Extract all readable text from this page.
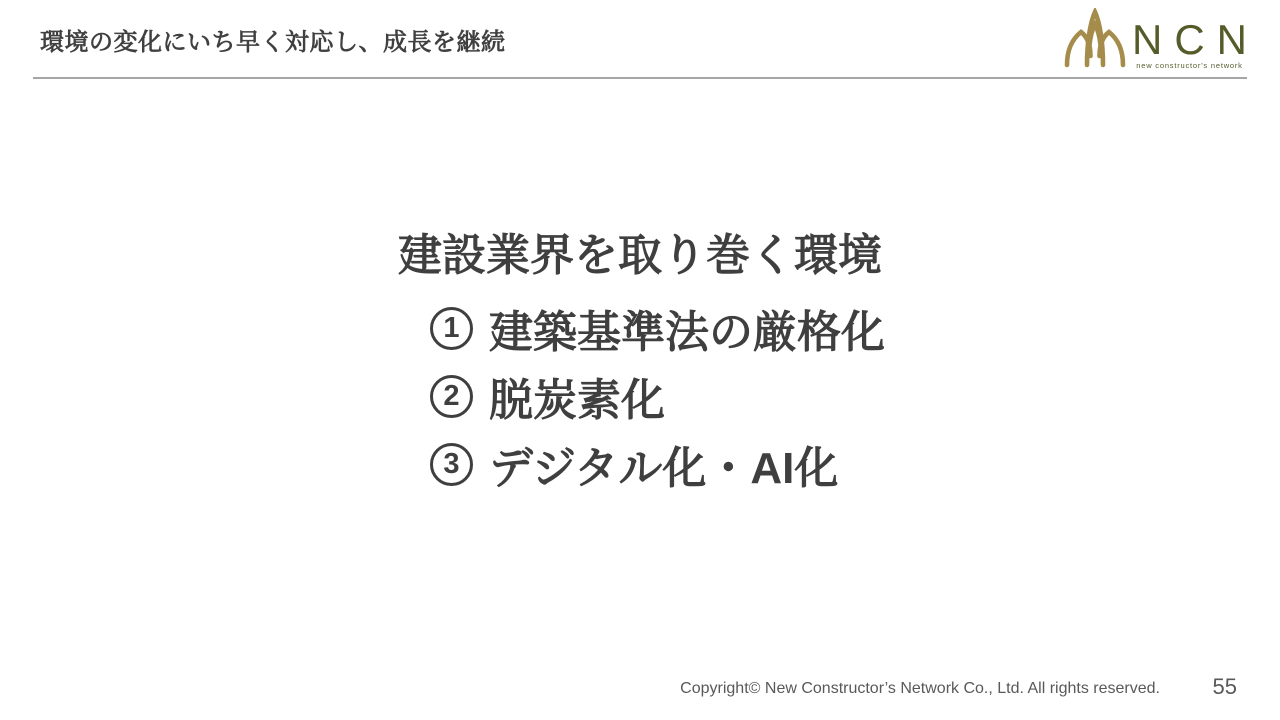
環境の変化にいち早く対応し、成長を継続	NCN
new constructor's network

建設業界を取り巻く環境

1 建築基準法の厳格化
2 脱炭素化
3 デジタル化・AI化
Copyright© New Constructor’s Network Co., Ltd. All rights reserved. 55
